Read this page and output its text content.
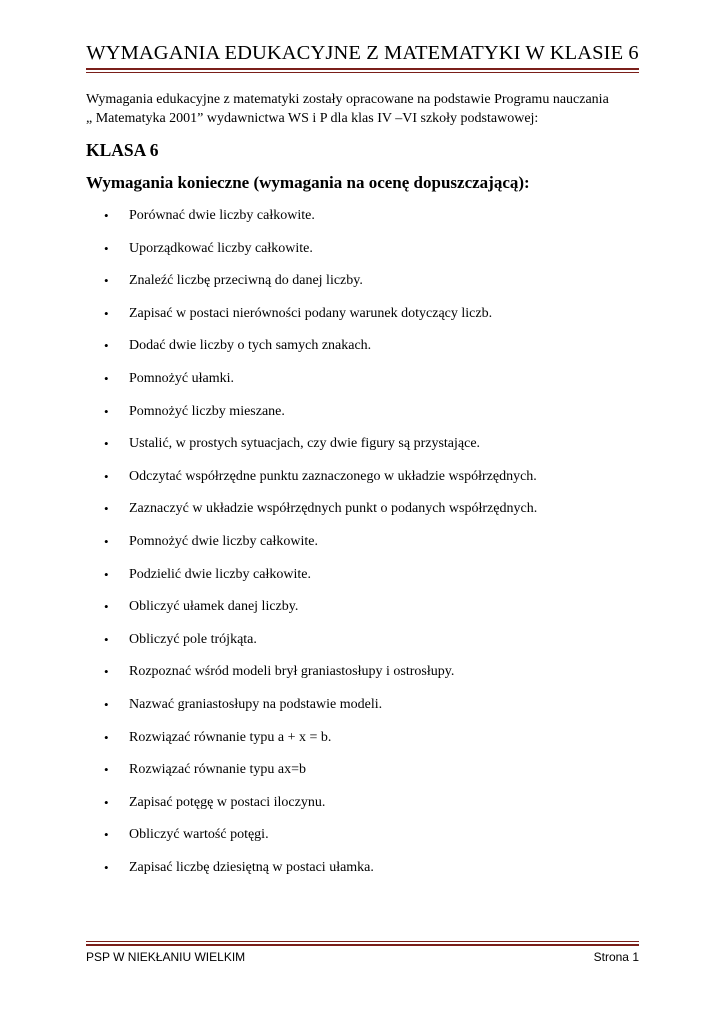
WYMAGANIA EDUKACYJNE Z MATEMATYKI W KLASIE 6

Wymagania edukacyjne z matematyki zostały opracowane na podstawie Programu nauczania

„ Matematyka 2001” wydawnictwa WS i P dla klas IV –VI szkoły podstawowej:

KLASA 6
Wymagania konieczne (wymagania na ocenę dopuszczającą):
• Porównać dwie liczby całkowite.
• Uporządkować liczby całkowite.
• Znaleźć liczbę przeciwną do danej liczby.
• Zapisać w postaci nierówności podany warunek dotyczący liczb.
• Dodać dwie liczby o tych samych znakach.
• Pomnożyć ułamki.
• Pomnożyć liczby mieszane.
• Ustalić, w prostych sytuacjach, czy dwie figury są przystające.
• Odczytać współrzędne punktu zaznaczonego w układzie współrzędnych.
• Zaznaczyć w układzie współrzędnych punkt o podanych współrzędnych.
• Pomnożyć dwie liczby całkowite.
• Podzielić dwie liczby całkowite.
• Obliczyć ułamek danej liczby.
• Obliczyć pole trójkąta.
• Rozpoznać wśród modeli brył graniastosłupy i ostrosłupy.
• Nazwać graniastosłupy na podstawie modeli.
• Rozwiązać równanie typu a + x = b.
• Rozwiązać równanie typu ax=b
• Zapisać potęgę w postaci iloczynu.
• Obliczyć wartość potęgi.
• Zapisać liczbę dziesiętną w postaci ułamka.
PSP W NIEKŁANIU WIELKIM	Strona 1
